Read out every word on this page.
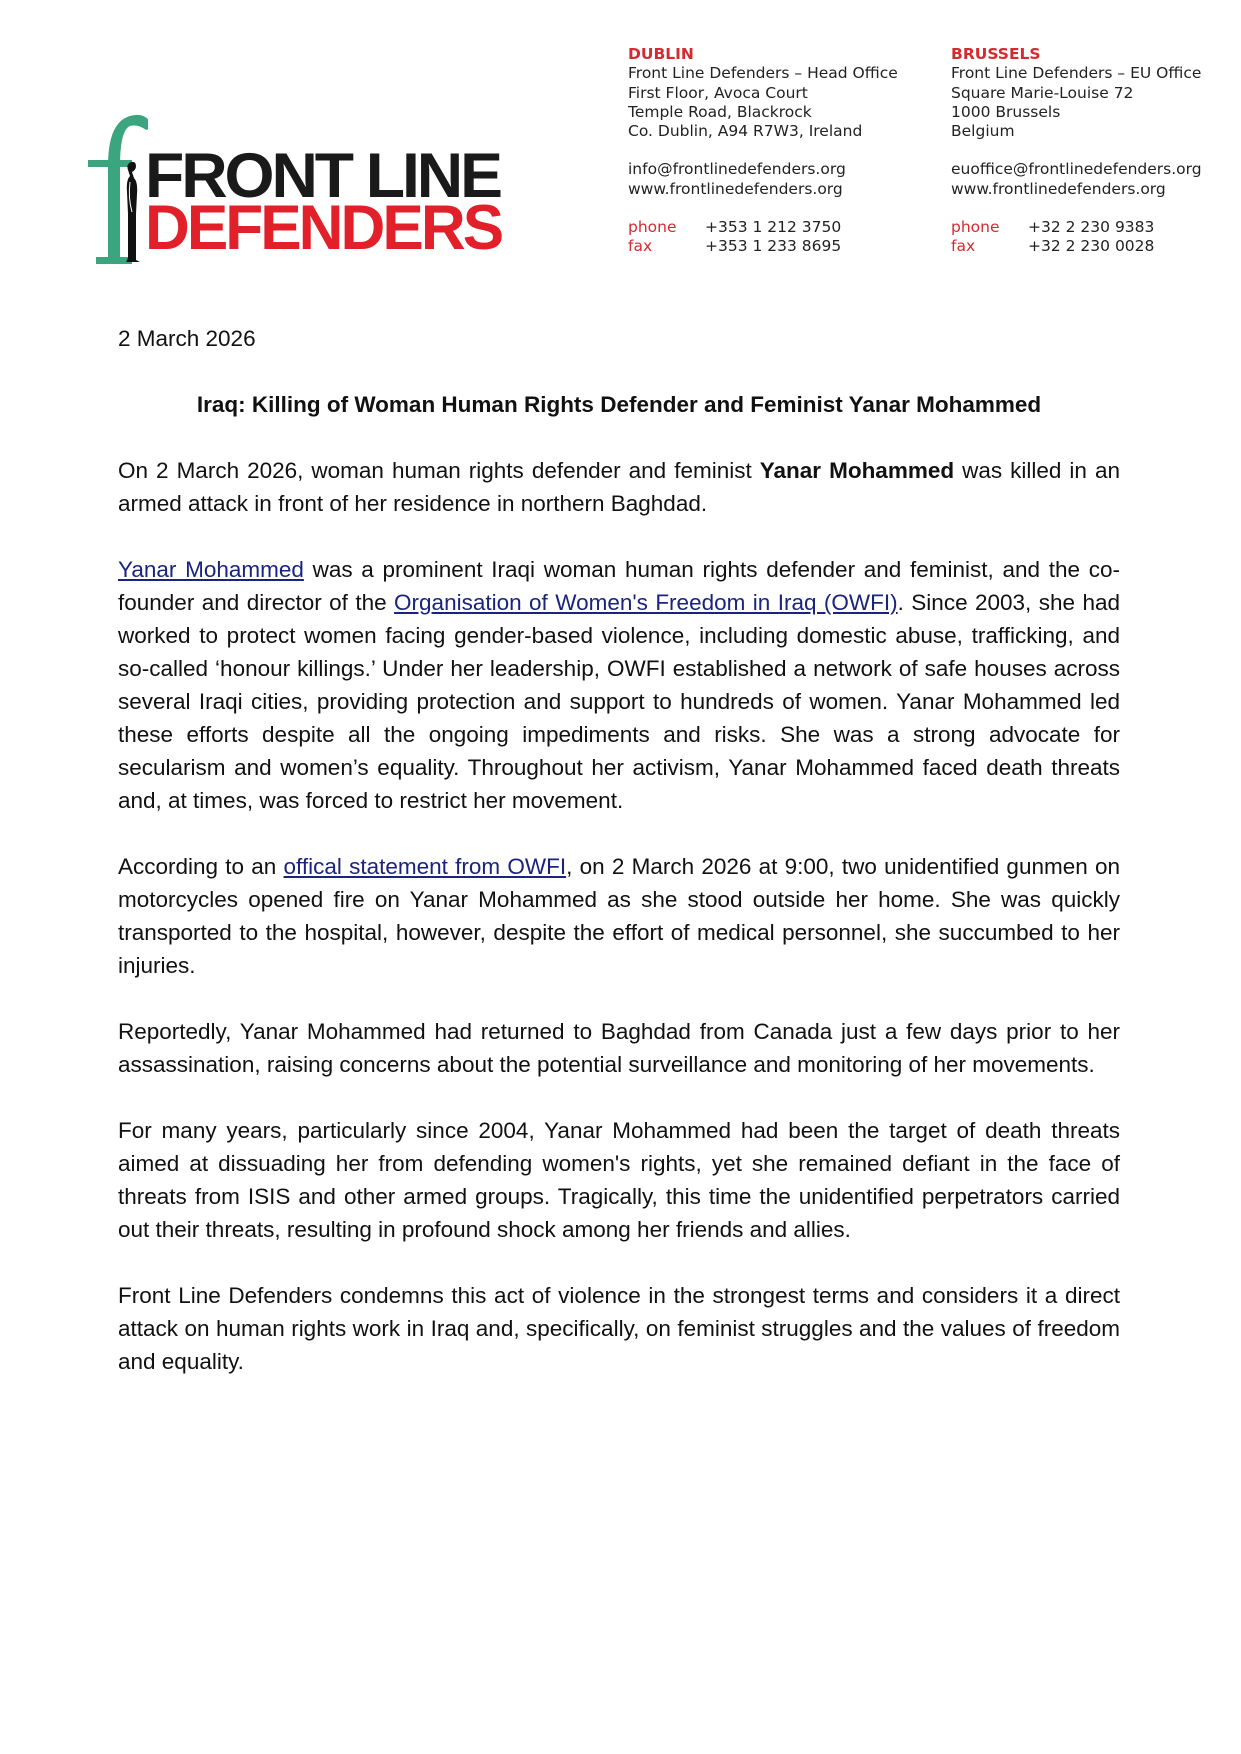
FRONT LINE
DEFENDERS
DUBLIN
Front Line Defenders – Head Office
First Floor, Avoca Court
Temple Road, Blackrock
Co. Dublin, A94 R7W3, Ireland
info@frontlinedefenders.org
www.frontlinedefenders.org
phone	+353 1 212 3750
fax	+353 1 233 8695
BRUSSELS
Front Line Defenders – EU Office
Square Marie-Louise 72
1000 Brussels
Belgium
euoffice@frontlinedefenders.org
www.frontlinedefenders.org
phone	+32 2 230 9383
fax	+32 2 230 0028

2 March 2026

Iraq: Killing of Woman Human Rights Defender and Feminist Yanar Mohammed

On 2 March 2026, woman human rights defender and feminist Yanar Mohammed was killed in an armed attack in front of her residence in northern Baghdad.

Yanar Mohammed was a prominent Iraqi woman human rights defender and feminist, and the co-founder and director of the Organisation of Women's Freedom in Iraq (OWFI). Since 2003, she had worked to protect women facing gender-based violence, including domestic abuse, trafficking, and so-called ‘honour killings.’ Under her leadership, OWFI established a network of safe houses across several Iraqi cities, providing protection and support to hundreds of women. Yanar Mohammed led these efforts despite all the ongoing impediments and risks. She was a strong advocate for secularism and women’s equality. Throughout her activism, Yanar Mohammed faced death threats and, at times, was forced to restrict her movement.

According to an offical statement from OWFI, on 2 March 2026 at 9:00, two unidentified gunmen on motorcycles opened fire on Yanar Mohammed as she stood outside her home. She was quickly transported to the hospital, however, despite the effort of medical personnel, she succumbed to her injuries.

Reportedly, Yanar Mohammed had returned to Baghdad from Canada just a few days prior to her assassination, raising concerns about the potential surveillance and monitoring of her movements.

For many years, particularly since 2004, Yanar Mohammed had been the target of death threats aimed at dissuading her from defending women's rights, yet she remained defiant in the face of threats from ISIS and other armed groups. Tragically, this time the unidentified perpetrators carried out their threats, resulting in profound shock among her friends and allies.

Front Line Defenders condemns this act of violence in the strongest terms and considers it a direct attack on human rights work in Iraq and, specifically, on feminist struggles and the values of freedom and equality.
